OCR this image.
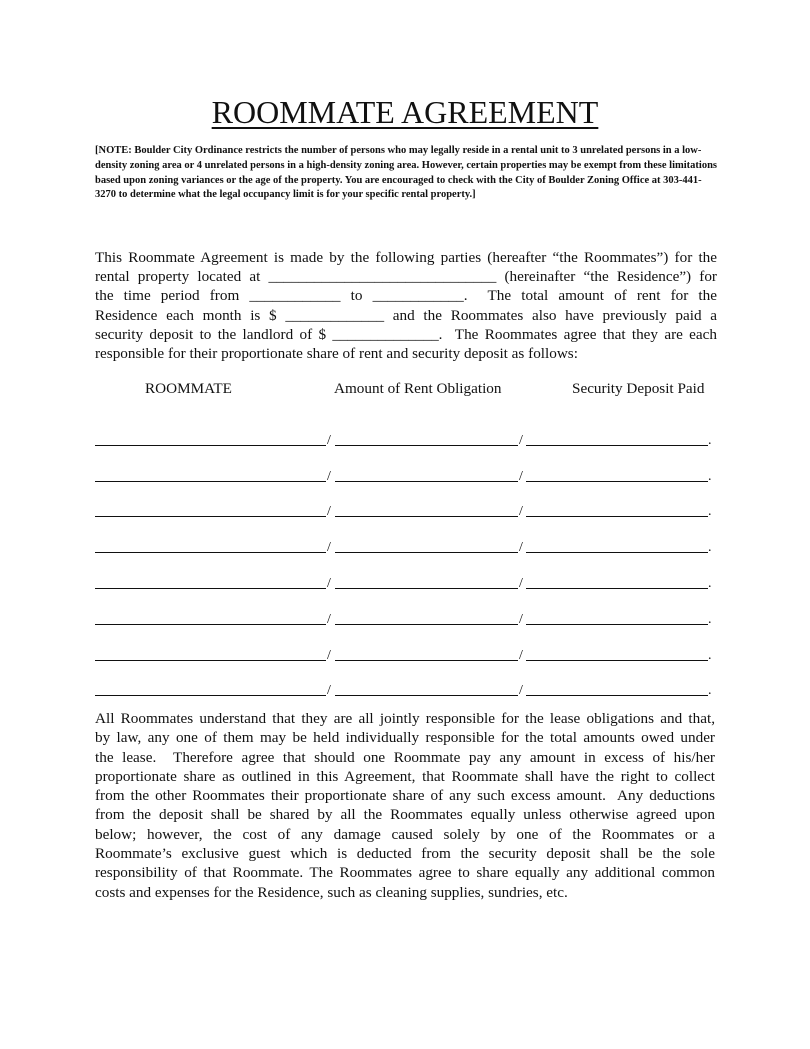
ROOMMATE AGREEMENT

[NOTE: Boulder City Ordinance restricts the number of persons who may legally reside in a rental unit to 3 unrelated persons in a low-density zoning area or 4 unrelated persons in a high-density zoning area. However, certain properties may be exempt from these limitations based upon zoning variances or the age of the property. You are encouraged to check with the City of Boulder Zoning Office at 303-441-3270 to determine what the legal occupancy limit is for your specific rental property.]

This Roommate Agreement is made by the following parties (hereafter “the Roommates”) for the
rental property located at ______________________________ (hereinafter “the Residence”) for
the time period from ____________ to ____________.  The total amount of rent for the
Residence each month is $ _____________ and the Roommates also have previously paid a
security deposit to the landlord of $ ______________.  The Roommates agree that they are each
responsible for their proportionate share of rent and security deposit as follows:
ROOMMATE	Amount of Rent Obligation	Security Deposit Paid
/	/	.
/	/	.
/	/	.
/	/	.
/	/	.
/	/	.
/	/	.
/	/	.
All Roommates understand that they are all jointly responsible for the lease obligations and that,
by law, any one of them may be held individually responsible for the total amounts owed under
the lease.  Therefore agree that should one Roommate pay any amount in excess of his/her
proportionate share as outlined in this Agreement, that Roommate shall have the right to collect
from the other Roommates their proportionate share of any such excess amount.  Any deductions
from the deposit shall be shared by all the Roommates equally unless otherwise agreed upon
below; however, the cost of any damage caused solely by one of the Roommates or a
Roommate’s exclusive guest which is deducted from the security deposit shall be the sole
responsibility of that Roommate. The Roommates agree to share equally any additional common
costs and expenses for the Residence, such as cleaning supplies, sundries, etc.
